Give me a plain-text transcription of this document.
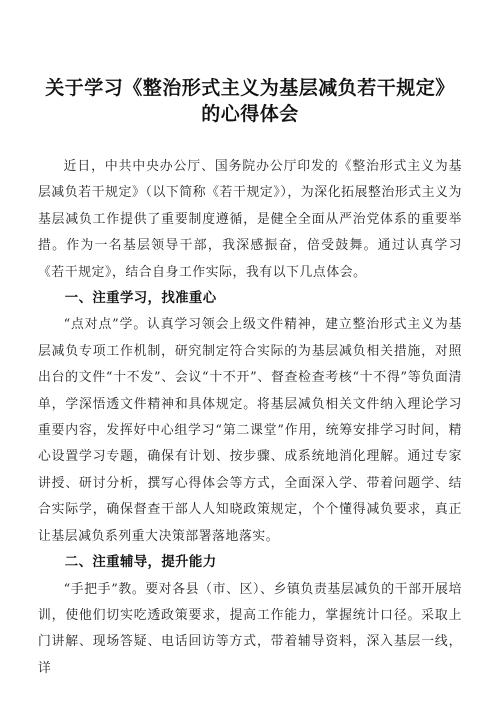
关于学习《整治形式主义为基层减负若干规定》
的心得体会

近日，中共中央办公厅、国务院办公厅印发的《整治形式主义为基层减负若干规定》（以下简称《若干规定》），为深化拓展整治形式主义为基层减负工作提供了重要制度遵循，是健全全面从严治党体系的重要举措。作为一名基层领导干部，我深感振奋，倍受鼓舞。通过认真学习《若干规定》，结合自身工作实际，我有以下几点体会。

一、注重学习，找准重心

“点对点”学。认真学习领会上级文件精神，建立整治形式主义为基层减负专项工作机制，研究制定符合实际的为基层减负相关措施，对照出台的文件“十不发”、会议“十不开”、督查检查考核“十不得”等负面清单，学深悟透文件精神和具体规定。将基层减负相关文件纳入理论学习重要内容，发挥好中心组学习“第二课堂”作用，统筹安排学习时间，精心设置学习专题，确保有计划、按步骤、成系统地消化理解。通过专家讲授、研讨分析，撰写心得体会等方式，全面深入学、带着问题学、结合实际学，确保督查干部人人知晓政策规定，个个懂得减负要求，真正让基层减负系列重大决策部署落地落实。

二、注重辅导，提升能力

“手把手”教。要对各县（市、区）、乡镇负责基层减负的干部开展培训，使他们切实吃透政策要求，提高工作能力，掌握统计口径。采取上门讲解、现场答疑、电话回访等方式，带着辅导资料，深入基层一线，详
